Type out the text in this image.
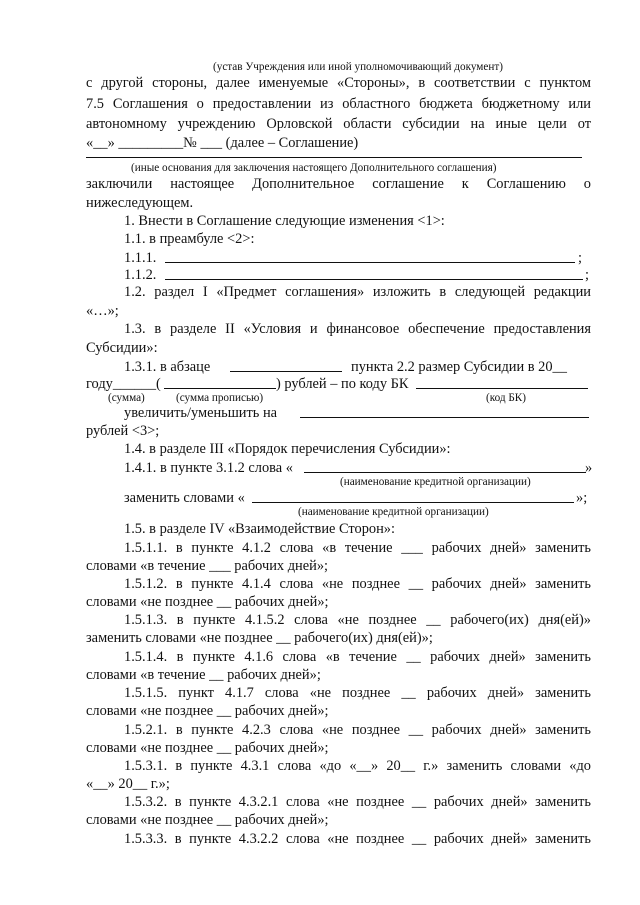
(устав Учреждения или иной уполномочивающий документ)
с другой стороны, далее именуемые «Стороны», в соответствии с пунктом
7.5 Соглашения о предоставлении из областного бюджета бюджетному или
автономному учреждению Орловской области субсидии на иные цели от
«__» _________№ ___ (далее – Соглашение)
(иные основания для заключения настоящего Дополнительного соглашения)
заключили настоящее Дополнительное соглашение к Соглашению о
нижеследующем.
1. Внести в Соглашение следующие изменения <1>:
1.1. в преамбуле <2>:
1.1.1.	;
1.1.2.	;
1.2. раздел I «Предмет соглашения» изложить в следующей редакции
«…»;
1.3. в разделе II «Условия и финансовое обеспечение предоставления
Субсидии»:
1.3.1. в абзаце	пункта 2.2 размер Субсидии в 20__
году______(	) рублей – по коду БК
(сумма)	(сумма прописью)	(код БК)
увеличить/уменьшить на
рублей <3>;
1.4. в разделе III «Порядок перечисления Субсидии»:
1.4.1. в пункте 3.1.2 слова «	»
(наименование кредитной организации)
заменить словами «	»;
(наименование кредитной организации)
1.5. в разделе IV «Взаимодействие Сторон»:
1.5.1.1. в пункте 4.1.2 слова «в течение ___ рабочих дней» заменить
словами «в течение ___ рабочих дней»;
1.5.1.2. в пункте 4.1.4 слова «не позднее __ рабочих дней» заменить
словами «не позднее __ рабочих дней»;
1.5.1.3. в пункте 4.1.5.2 слова «не позднее __ рабочего(их) дня(ей)»
заменить словами «не позднее __ рабочего(их) дня(ей)»;
1.5.1.4. в пункте 4.1.6 слова «в течение __ рабочих дней» заменить
словами «в течение __ рабочих дней»;
1.5.1.5. пункт 4.1.7 слова «не позднее __ рабочих дней» заменить
словами «не позднее __ рабочих дней»;
1.5.2.1. в пункте 4.2.3 слова «не позднее __ рабочих дней» заменить
словами «не позднее __ рабочих дней»;
1.5.3.1. в пункте 4.3.1 слова «до «__» 20__ г.» заменить словами «до
«__» 20__ г.»;
1.5.3.2. в пункте 4.3.2.1 слова «не позднее __ рабочих дней» заменить
словами «не позднее __ рабочих дней»;
1.5.3.3. в пункте 4.3.2.2 слова «не позднее __ рабочих дней» заменить
